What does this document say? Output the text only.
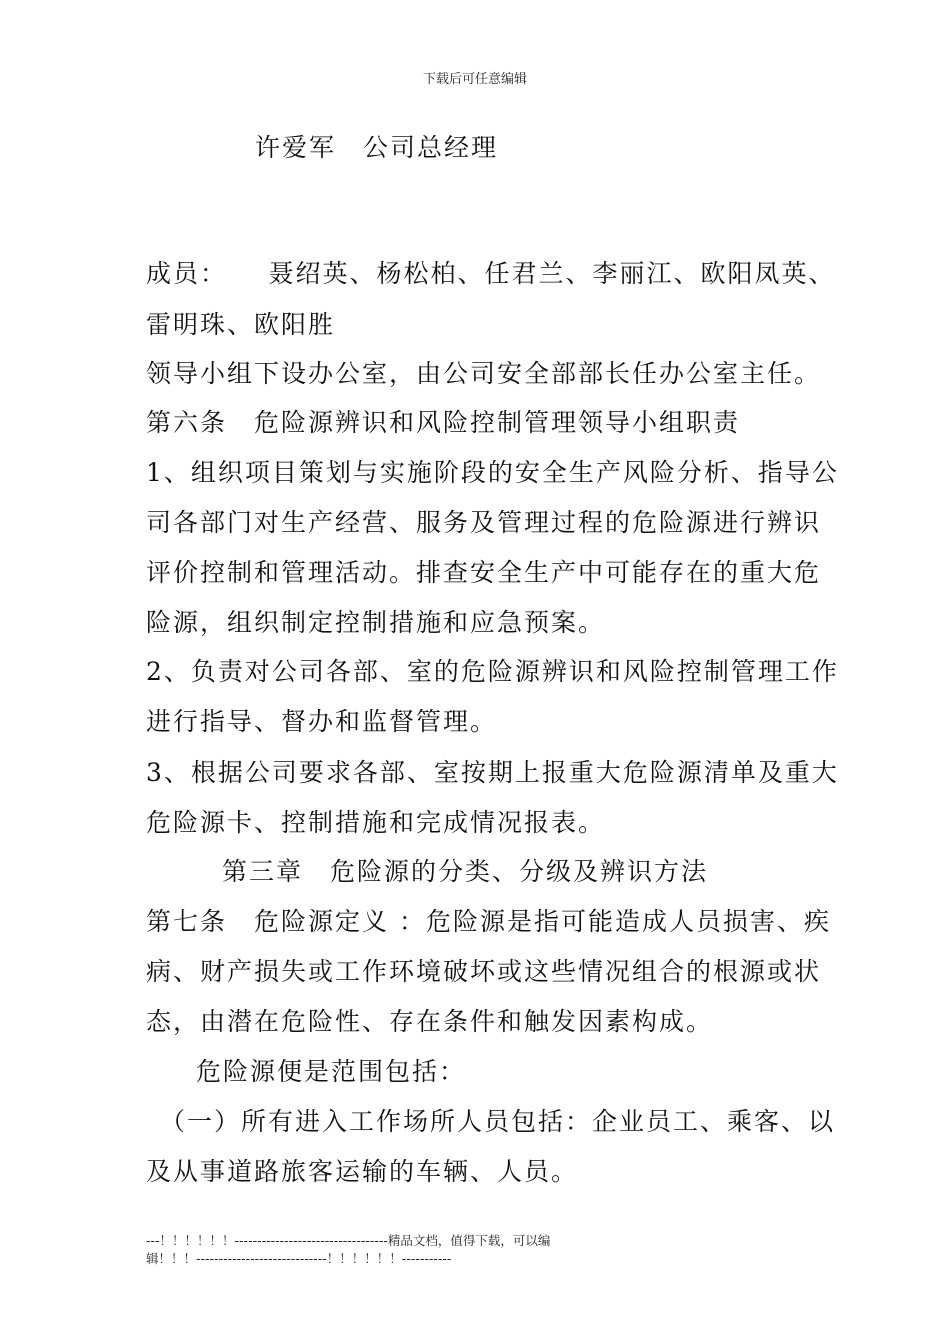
下载后可任意编辑
许爱军　公司总经理
成员：　　聂绍英、杨松柏、任君兰、李丽江、欧阳凤英、
雷明珠、欧阳胜
领导小组下设办公室，由公司安全部部长任办公室主任。
第六条　危险源辨识和风险控制管理领导小组职责
1、组织项目策划与实施阶段的安全生产风险分析、指导公
司各部门对生产经营、服务及管理过程的危险源进行辨识
评价控制和管理活动。排查安全生产中可能存在的重大危
险源，组织制定控制措施和应急预案。
2、负责对公司各部、室的危险源辨识和风险控制管理工作
进行指导、督办和监督管理。
3、根据公司要求各部、室按期上报重大危险源清单及重大
危险源卡、控制措施和完成情况报表。
第三章　危险源的分类、分级及辨识方法
第七条　危险源定义 ：危险源是指可能造成人员损害、疾
病、财产损失或工作环境破坏或这些情况组合的根源或状
态，由潜在危险性、存在条件和触发因素构成。
危险源便是范围包括：
（一）所有进入工作场所人员包括：企业员工、乘客、以
及从事道路旅客运输的车辆、人员。
---！！！！！！----------------------------------精品文档，值得下载，可以编
辑！！！-----------------------------！！！！！！-----------
